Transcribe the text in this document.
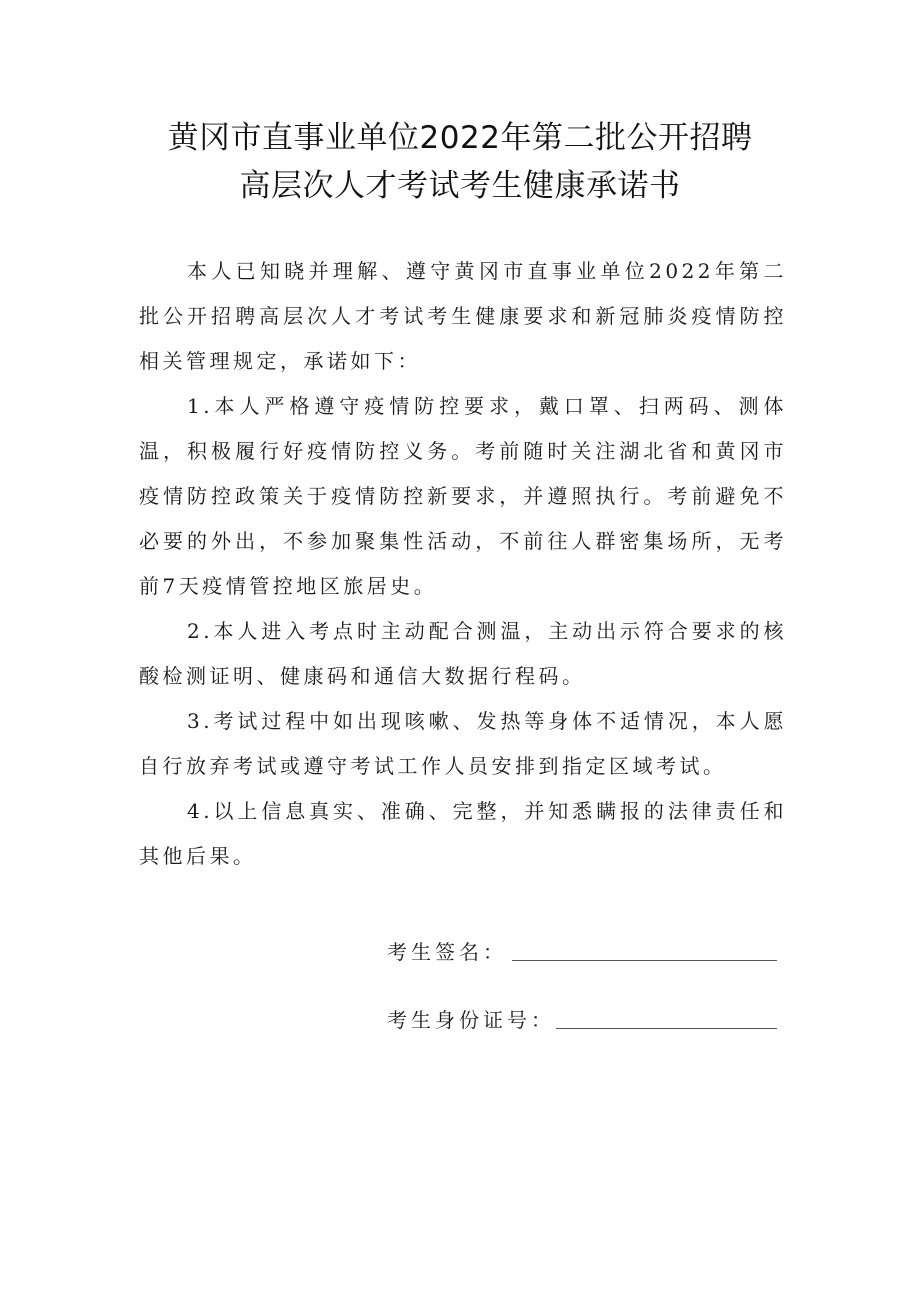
黄冈市直事业单位2022年第二批公开招聘
高层次人才考试考生健康承诺书

本人已知晓并理解、遵守黄冈市直事业单位2022年第二批公开招聘高层次人才考试考生健康要求和新冠肺炎疫情防控相关管理规定，承诺如下：

1.本人严格遵守疫情防控要求，戴口罩、扫两码、测体温，积极履行好疫情防控义务。考前随时关注湖北省和黄冈市疫情防控政策关于疫情防控新要求，并遵照执行。考前避免不必要的外出，不参加聚集性活动，不前往人群密集场所，无考前7天疫情管控地区旅居史。

2.本人进入考点时主动配合测温，主动出示符合要求的核酸检测证明、健康码和通信大数据行程码。

3.考试过程中如出现咳嗽、发热等身体不适情况，本人愿自行放弃考试或遵守考试工作人员安排到指定区域考试。

4.以上信息真实、准确、完整，并知悉瞒报的法律责任和其他后果。

考生签名：
考生身份证号：
